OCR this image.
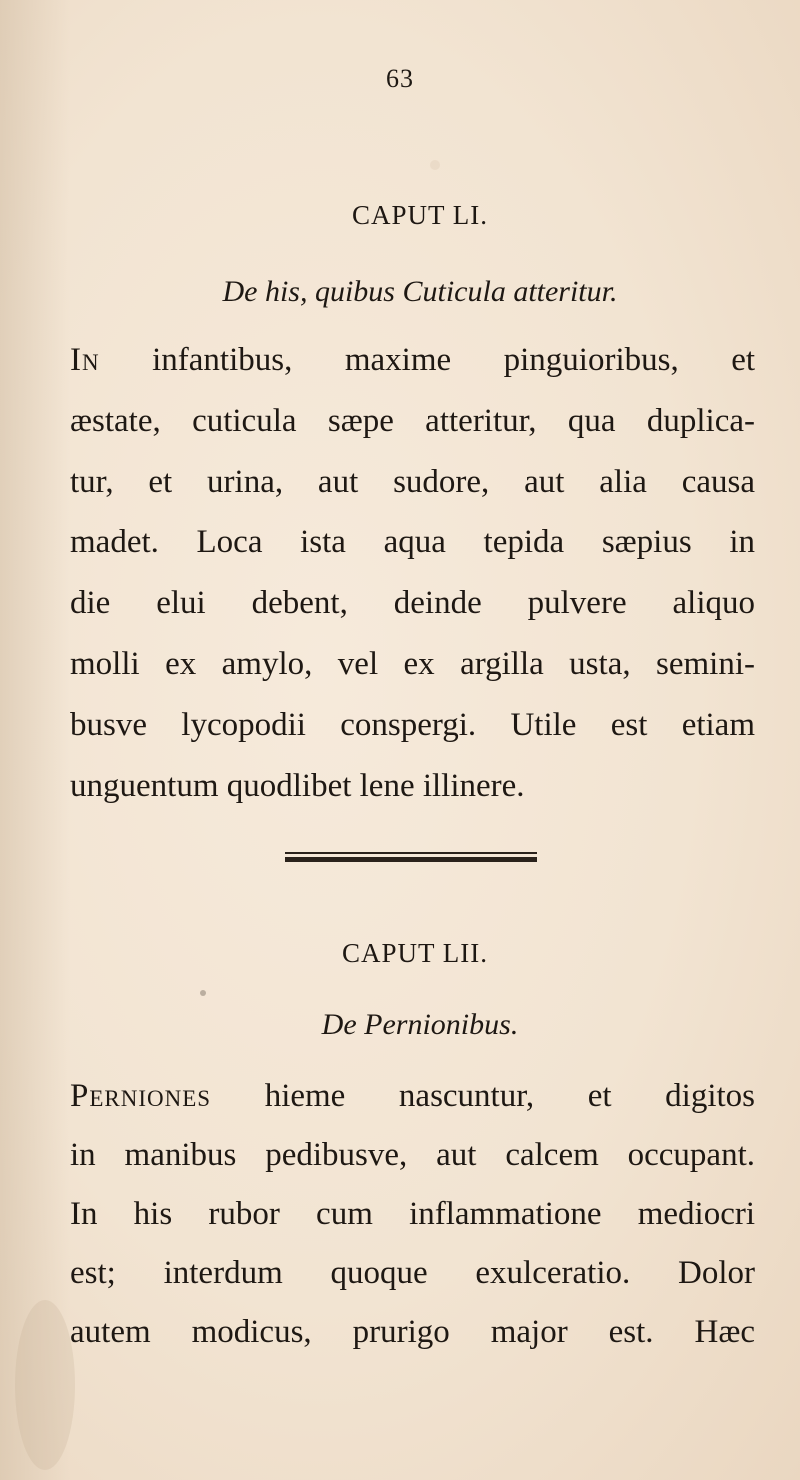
63
CAPUT LI.
De his, quibus Cuticula atteritur.
In infantibus, maxime pinguioribus, et
æstate, cuticula sæpe atteritur, qua duplica-
tur, et urina, aut sudore, aut alia causa
madet. Loca ista aqua tepida sæpius in
die elui debent, deinde pulvere aliquo
molli ex amylo, vel ex argilla usta, semini-
busve lycopodii conspergi. Utile est etiam
unguentum quodlibet lene illinere.
CAPUT LII.
De Pernionibus.
Perniones hieme nascuntur, et digitos
in manibus pedibusve, aut calcem occupant.
In his rubor cum inflammatione mediocri
est; interdum quoque exulceratio. Dolor
autem modicus, prurigo major est. Hæc
